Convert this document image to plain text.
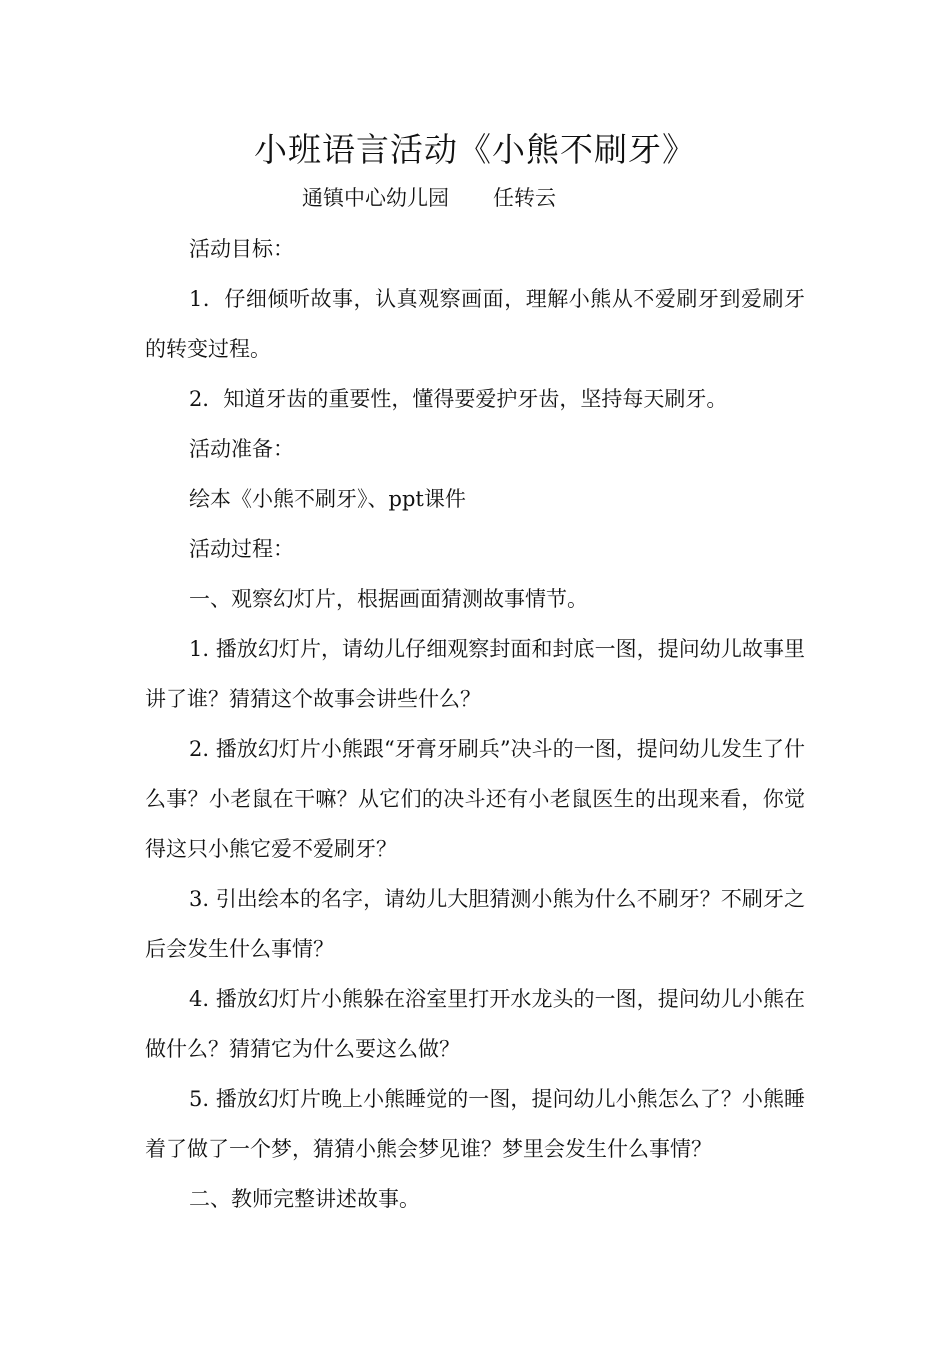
小班语言活动《小熊不刷牙》
通镇中心幼儿园 任转云

活动目标：

1．仔细倾听故事，认真观察画面，理解小熊从不爱刷牙到爱刷牙的转变过程。

2．知道牙齿的重要性，懂得要爱护牙齿，坚持每天刷牙。

活动准备：

绘本《小熊不刷牙》、ppt课件

活动过程：

一、观察幻灯片，根据画面猜测故事情节。

1. 播放幻灯片，请幼儿仔细观察封面和封底一图，提问幼儿故事里讲了谁？猜猜这个故事会讲些什么？

2. 播放幻灯片小熊跟“牙膏牙刷兵”决斗的一图，提问幼儿发生了什么事？小老鼠在干嘛？从它们的决斗还有小老鼠医生的出现来看，你觉得这只小熊它爱不爱刷牙？

3. 引出绘本的名字，请幼儿大胆猜测小熊为什么不刷牙？不刷牙之后会发生什么事情？

4. 播放幻灯片小熊躲在浴室里打开水龙头的一图，提问幼儿小熊在做什么？猜猜它为什么要这么做？

5. 播放幻灯片晚上小熊睡觉的一图，提问幼儿小熊怎么了？小熊睡着了做了一个梦，猜猜小熊会梦见谁？梦里会发生什么事情？

二、教师完整讲述故事。
